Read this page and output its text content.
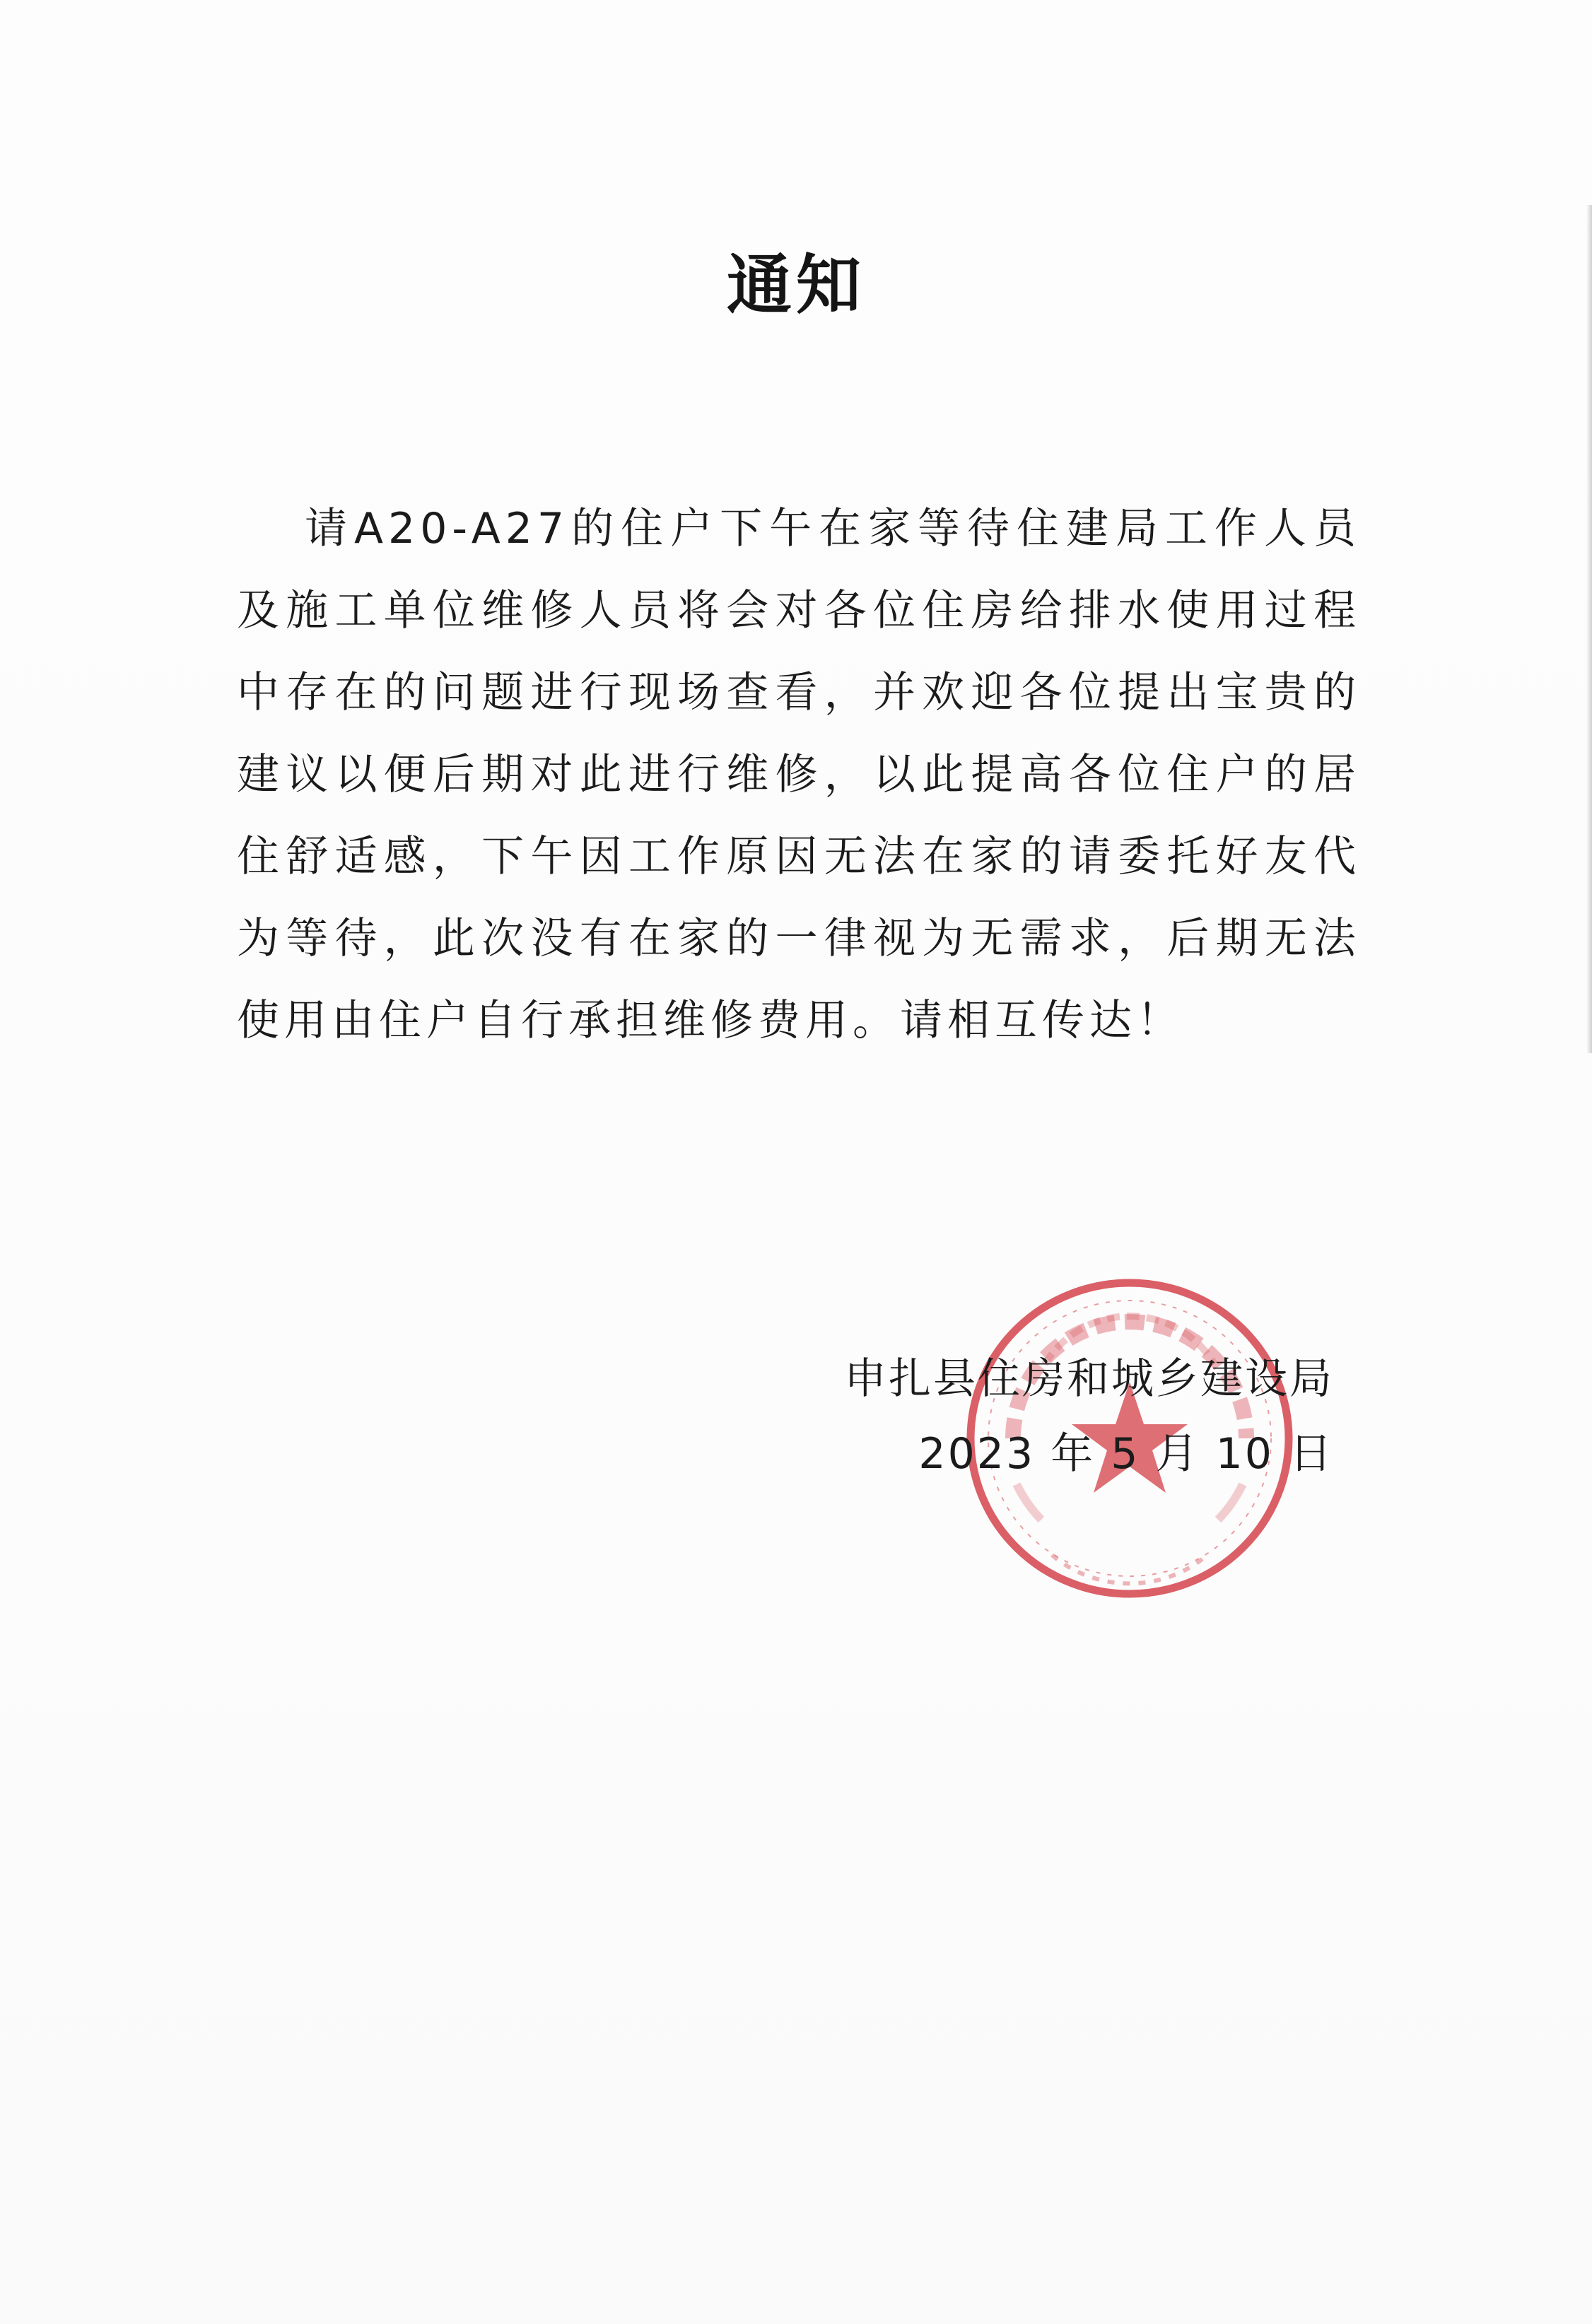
通知
请A20-A27的住户下午在家等待住建局工作人员及施工单位维修人员将会对各位住房给排水使用过程中存在的问题进行现场查看，并欢迎各位提出宝贵的建议以便后期对此进行维修，以此提高各位住户的居住舒适感，下午因工作原因无法在家的请委托好友代为等待，此次没有在家的一律视为无需求，后期无法使用由住户自行承担维修费用。请相互传达！
申扎县住房和城乡建设局
2023 年 5 月 10 日
